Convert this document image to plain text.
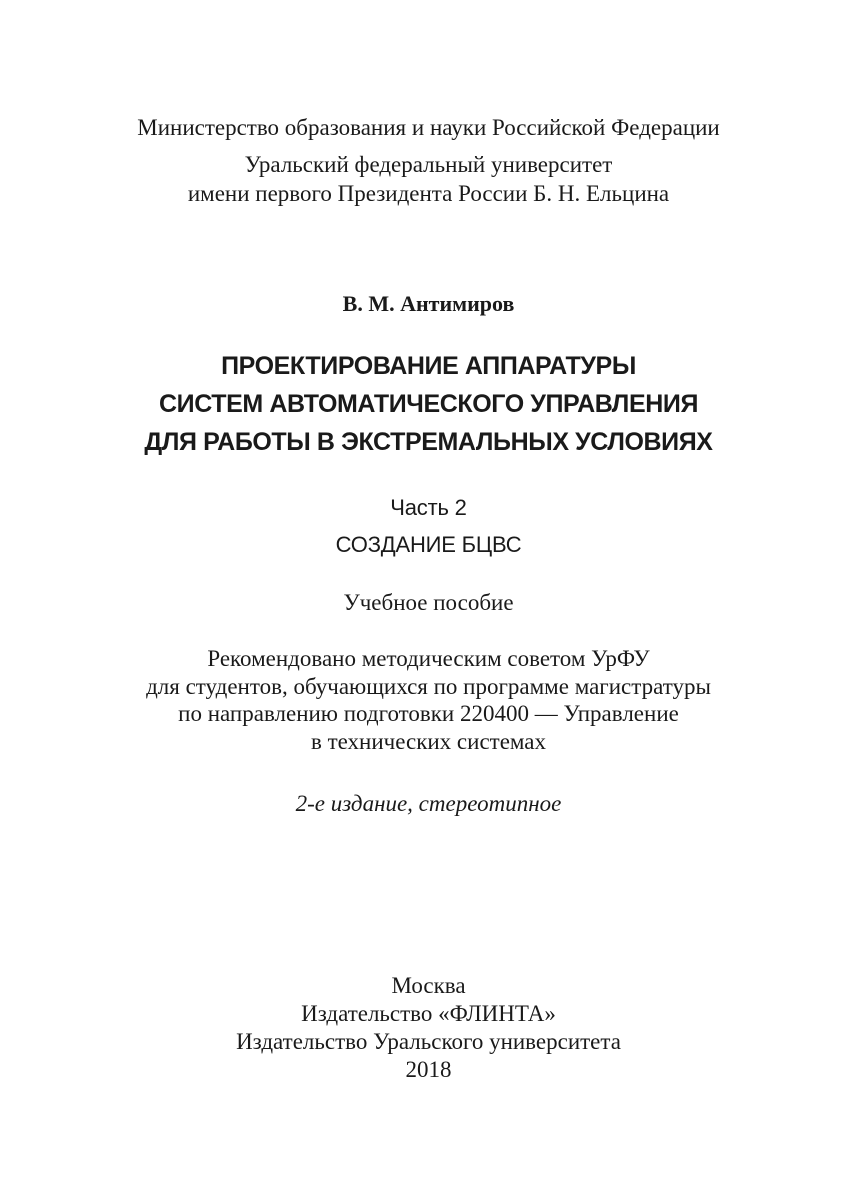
Министерство образования и науки Российской Федерации
Уральский федеральный университет
имени первого Президента России Б. Н. Ельцина
В. М. Антимиров
ПРОЕКТИРОВАНИЕ АППАРАТУРЫ
СИСТЕМ АВТОМАТИЧЕСКОГО УПРАВЛЕНИЯ
ДЛЯ РАБОТЫ В ЭКСТРЕМАЛЬНЫХ УСЛОВИЯХ
Часть 2
СОЗДАНИЕ БЦВС
Учебное пособие
Рекомендовано методическим советом УрФУ
для студентов, обучающихся по программе магистратуры
по направлению подготовки 220400 — Управление
в технических системах
2-е издание, стереотипное
Москва
Издательство «ФЛИНТА»
Издательство Уральского университета
2018
